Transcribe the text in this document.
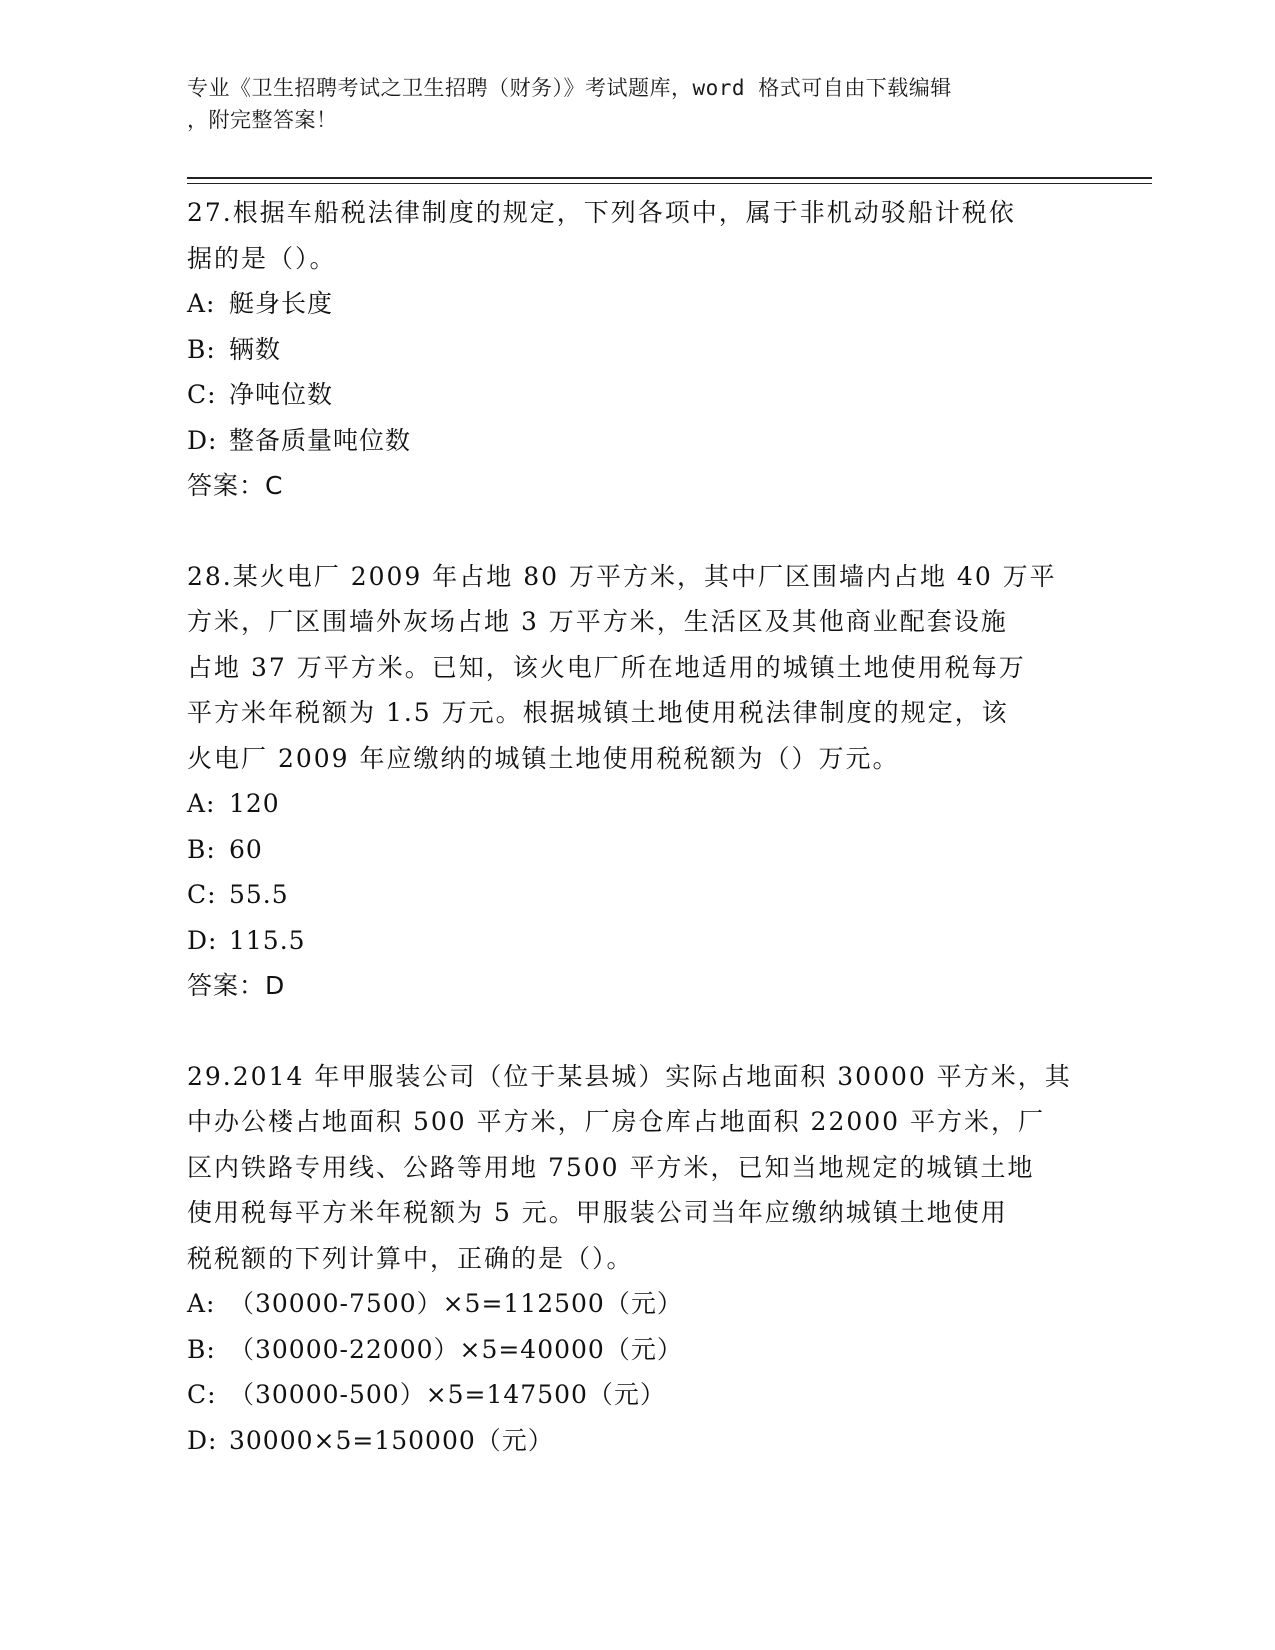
专业《卫生招聘考试之卫生招聘（财务）》考试题库，word 格式可自由下载编辑
，附完整答案！
27.根据车船税法律制度的规定，下列各项中，属于非机动驳船计税依
据的是（）。
A: 艇身长度
B: 辆数
C: 净吨位数
D: 整备质量吨位数
答案：C
28.某火电厂 2009 年占地 80 万平方米，其中厂区围墙内占地 40 万平
方米，厂区围墙外灰场占地 3 万平方米，生活区及其他商业配套设施
占地 37 万平方米。已知，该火电厂所在地适用的城镇土地使用税每万
平方米年税额为 1.5 万元。根据城镇土地使用税法律制度的规定，该
火电厂 2009 年应缴纳的城镇土地使用税税额为（）万元。
A: 120
B: 60
C: 55.5
D: 115.5
答案：D
29.2014 年甲服装公司（位于某县城）实际占地面积 30000 平方米，其
中办公楼占地面积 500 平方米，厂房仓库占地面积 22000 平方米，厂
区内铁路专用线、公路等用地 7500 平方米，已知当地规定的城镇土地
使用税每平方米年税额为 5 元。甲服装公司当年应缴纳城镇土地使用
税税额的下列计算中，正确的是（）。
A: （30000-7500）×5=112500（元）
B: （30000-22000）×5=40000（元）
C: （30000-500）×5=147500（元）
D: 30000×5=150000（元）
